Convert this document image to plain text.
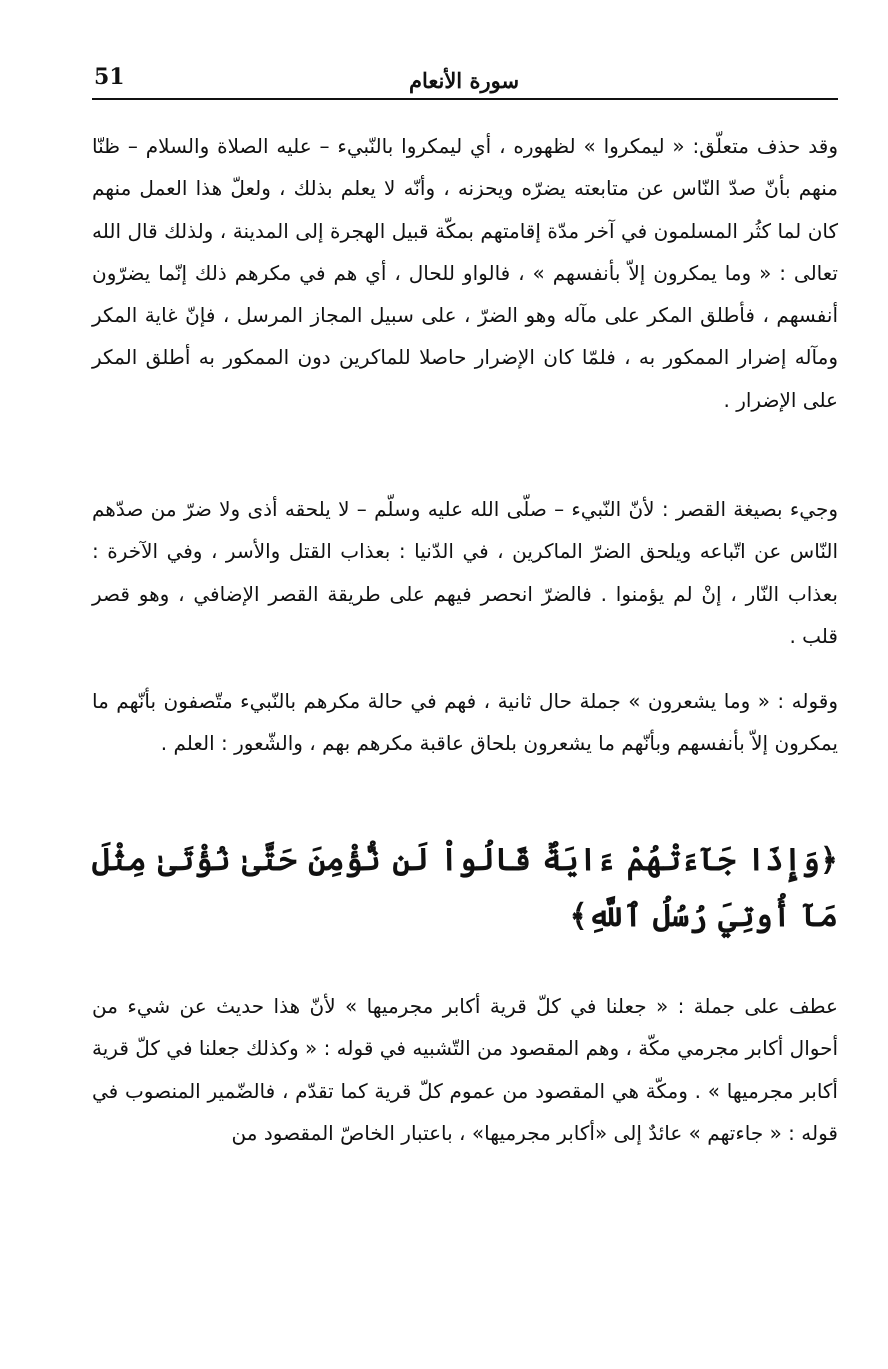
51	سورة الأنعام

وقد حذف متعلّق: « ليمكروا » لظهوره ، أي ليمكروا بالنّبيء – عليه الصلاة والسلام – ظنّا منهم بأنّ صدّ النّاس عن متابعته يضرّه ويحزنه ، وأنّه لا يعلم بذلك ، ولعلّ هذا العمل منهم كان لما كثُر المسلمون في آخر مدّة إقامتهم بمكّة قبيل الهجرة إلى المدينة ، ولذلك قال الله تعالى : « وما يمكرون إلاّ بأنفسهم » ، فالواو للحال ، أي هم في مكرهم ذلك إنّما يضرّون أنفسهم ، فأطلق المكر على مآله وهو الضرّ ، على سبيل المجاز المرسل ، فإنّ غاية المكر ومآله إضرار الممكور به ، فلمّا كان الإضرار حاصلا للماكرين دون الممكور به أطلق المكر على الإضرار .

وجيء بصيغة القصر : لأنّ النّبيء – صلّى الله عليه وسلّم – لا يلحقه أذى ولا ضرّ من صدّهم النّاس عن اتّباعه ويلحق الضرّ الماكرين ، في الدّنيا : بعذاب القتل والأسر ، وفي الآخرة : بعذاب النّار ، إنْ لم يؤمنوا . فالضرّ انحصر فيهم على طريقة القصر الإضافي ، وهو قصر قلب .

وقوله : « وما يشعرون » جملة حال ثانية ، فهم في حالة مكرهم بالنّبيء متّصفون بأنّهم ما يمكرون إلاّ بأنفسهم وبأنّهم ما يشعرون بلحاق عاقبة مكرهم بهم ، والشّعور : العلم .

﴿وَإِذَا جَآءَتْهُمْ ءَايَةٌ قَالُواْ لَن نُّؤْمِنَ حَتَّىٰ نُؤْتَىٰ مِثْلَ مَآ أُوتِيَ رُسُلُ ٱللَّهِ﴾

عطف على جملة : « جعلنا في كلّ قرية أكابر مجرميها » لأنّ هذا حديث عن شيء من أحوال أكابر مجرمي مكّة ، وهم المقصود من التّشبيه في قوله : « وكذلك جعلنا في كلّ قرية أكابر مجرميها » . ومكّة هي المقصود من عموم كلّ قرية كما تقدّم ، فالضّمير المنصوب في قوله : « جاءتهم » عائدٌ إلى «أكابر مجرميها» ، باعتبار الخاصّ المقصود من
